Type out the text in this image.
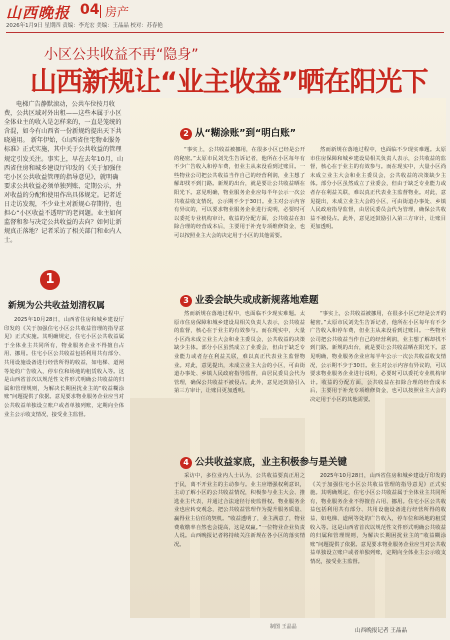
山西晚报 04 房产
2026年1月9日 星期四 责编：李光宏 美编：王晶晶 校对：苏春艳
小区公共收益不再“隐身”
山西新规让“业主收益”晒在阳光下

电梯广告静默滚动，公共车位按月收费，公共区域对外出租——这些本属于小区全体业主的收入是怎样来的，一直是笼统的含混，如今有山西省一份新规约提出天下共晓通用。 新年伊始，《山西省住宅物业服务标准》正式实施，其中关于公共收益的管理规定引发关注。事实上，早在去年10月，山西省住房和城乡建设厅印发的《关于加强住宅小区公共收益管理的指导意见》，就明确要求公共收益必须单独列账、定期公示，并对收益的分配和使用作出具体规定。记者近日走访发现，不少业主对新规心存期待，也担心“小区收益不透明”的老问题。业主如何监督和参与决定公共收益的去向？如何让新规真正落地？记者采访了相关部门和业内人士。

1
新规为公共收益划清权属

2025年10月28日，山西省住房和城乡建设厅印发的《关于加强住宅小区公共收益管理的指导意见》正式实施。其明确规定，住宅小区公共收益属于全体业主共同所有，物业服务企业不得擅自占用、挪用。住宅小区公共收益包括利用共有部分、共用设施设备进行经营所得的收益，如电梯、道闸等处的广告收入，停车位和场地的租赁收入等。这是山西省首次以规范性文件形式明确公共收益的归属和管理规则，为解决长期困扰业主的“收益糊涂账”问题提供了依据。意见要求物业服务企业应当对公共收益单独设立账户或者单独列账，定期向全体业主公示收支情况，接受业主监督。

2 从“糊涂账”到“明白账”

“事实上，公共收益被挪用，在很多小区已经是公开的秘密。”太原市民刘先生告诉记者，他所在小区每年有不少广告收入和停车费，但业主从来没看到过账目。一些物业公司把公共收益当作自己的经营利润，业主想了解却找不到门路。新规的出台，就是要让公共收益晒在阳光下。意见明确，物业服务企业应每半年公示一次公共收益收支情况，公示期不少于30日。业主对公示内容有异议的，可以要求物业服务企业进行说明，必要时可以委托专业机构审计。收益的分配方面，公共收益在扣除合理的经营成本后，主要用于补充专项维修资金，也可以按照业主大会的决定用于小区的其他需要。

然而新规在落地过程中，也面临不少现实难题。太原市住房保障和城乡建设局相关负责人表示，公共收益的监督，核心在于业主的有效参与。而在现实中，大量小区尚未成立业主大会和业主委员会，公共收益的决策缺少主体。部分小区虽然成立了业委会，但由于缺乏专业能力或者存在利益关联，难以真正代表业主监督物业。对此，意见提出，未成立业主大会的小区，可由街道办事处、乡镇人民政府指导监督，由居民委员会代为管理，确保公共收益不被侵占。此外，意见还鼓励引入第三方审计，让账目更加透明。

3 业委会缺失或成新规落地难题

然而新规在落地过程中，也面临不少现实难题。太原市住房保障和城乡建设局相关负责人表示，公共收益的监督，核心在于业主的有效参与。而在现实中，大量小区尚未成立业主大会和业主委员会，公共收益的决策缺少主体。部分小区虽然成立了业委会，但由于缺乏专业能力或者存在利益关联，难以真正代表业主监督物业。对此，意见提出，未成立业主大会的小区，可由街道办事处、乡镇人民政府指导监督，由居民委员会代为管理，确保公共收益不被侵占。此外，意见还鼓励引入第三方审计，让账目更加透明。

“事实上，公共收益被挪用，在很多小区已经是公开的秘密。”太原市民刘先生告诉记者，他所在小区每年有不少广告收入和停车费，但业主从来没看到过账目。一些物业公司把公共收益当作自己的经营利润，业主想了解却找不到门路。新规的出台，就是要让公共收益晒在阳光下。意见明确，物业服务企业应每半年公示一次公共收益收支情况，公示期不少于30日。业主对公示内容有异议的，可以要求物业服务企业进行说明，必要时可以委托专业机构审计。收益的分配方面，公共收益在扣除合理的经营成本后，主要用于补充专项维修资金，也可以按照业主大会的决定用于小区的其他需要。

4 公共收益家底，业主积极参与是关键

采访中，多位业内人士认为，公共收益要真正用之于民，离不开业主的主动参与。业主应增强权利意识，主动了解小区的公共收益情况，积极参与业主大会、推选业主代表，并通过合法途径行使监督权。物业服务企业也应转变观念，把公共收益管理作为提升服务质量、赢得业主信任的契机。“收益透明了，业主满意了，物业费收缴率自然也会提高，这是双赢。”一位物业企业负责人说。山西晚报记者将持续关注新规在各小区的落实情况。

2025年10月28日，山西省住房和城乡建设厅印发的《关于加强住宅小区公共收益管理的指导意见》正式实施。其明确规定，住宅小区公共收益属于全体业主共同所有，物业服务企业不得擅自占用、挪用。住宅小区公共收益包括利用共有部分、共用设施设备进行经营所得的收益，如电梯、道闸等处的广告收入，停车位和场地的租赁收入等。这是山西省首次以规范性文件形式明确公共收益的归属和管理规则，为解决长期困扰业主的“收益糊涂账”问题提供了依据。意见要求物业服务企业应当对公共收益单独设立账户或者单独列账，定期向全体业主公示收支情况，接受业主监督。

制图 王晶晶
山西晚报记者 王晶晶
